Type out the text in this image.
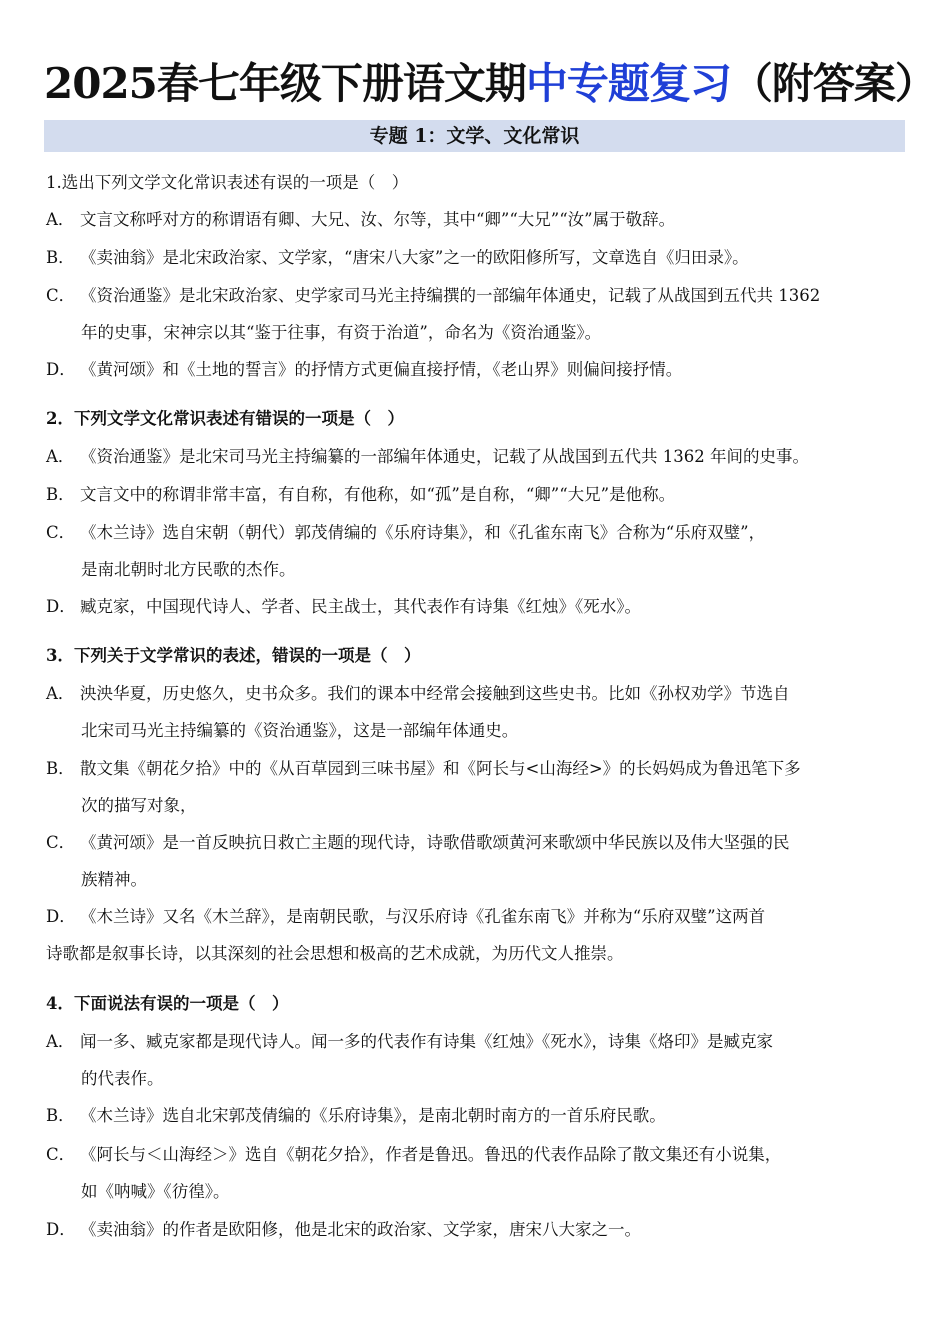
2025春七年级下册语文期中专题复习（附答案）
专题 1：文学、文化常识
1.选出下列文学文化常识表述有误的一项是（　）
A． 文言文称呼对方的称谓语有卿、大兄、汝、尔等，其中“卿”“大兄”“汝”属于敬辞。
B． 《卖油翁》是北宋政治家、文学家，“唐宋八大家”之一的欧阳修所写，文章选自《归田录》。
C． 《资治通鉴》是北宋政治家、史学家司马光主持编撰的一部编年体通史，记载了从战国到五代共 1362
年的史事，宋神宗以其“鉴于往事，有资于治道”，命名为《资治通鉴》。
D． 《黄河颂》和《土地的誓言》的抒情方式更偏直接抒情，《老山界》则偏间接抒情。
2．下列文学文化常识表述有错误的一项是（　）
A． 《资治通鉴》是北宋司马光主持编纂的一部编年体通史，记载了从战国到五代共 1362 年间的史事。
B． 文言文中的称谓非常丰富，有自称，有他称，如“孤”是自称，“卿”“大兄”是他称。
C． 《木兰诗》选自宋朝（朝代）郭茂倩编的《乐府诗集》，和《孔雀东南飞》合称为“乐府双璧”，
是南北朝时北方民歌的杰作。
D． 臧克家，中国现代诗人、学者、民主战士，其代表作有诗集《红烛》《死水》。
3．下列关于文学常识的表述，错误的一项是（　）
A． 泱泱华夏，历史悠久，史书众多。我们的课本中经常会接触到这些史书。比如《孙权劝学》节选自
北宋司马光主持编纂的《资治通鉴》，这是一部编年体通史。
B． 散文集《朝花夕拾》中的《从百草园到三味书屋》和《阿长与<山海经>》的长妈妈成为鲁迅笔下多
次的描写对象，
C． 《黄河颂》是一首反映抗日救亡主题的现代诗，诗歌借歌颂黄河来歌颂中华民族以及伟大坚强的民
族精神。
D． 《木兰诗》又名《木兰辞》，是南朝民歌，与汉乐府诗《孔雀东南飞》并称为“乐府双璧”这两首
诗歌都是叙事长诗，以其深刻的社会思想和极高的艺术成就，为历代文人推崇。
4．下面说法有误的一项是（　）
A． 闻一多、臧克家都是现代诗人。闻一多的代表作有诗集《红烛》《死水》，诗集《烙印》是臧克家
的代表作。
B． 《木兰诗》选自北宋郭茂倩编的《乐府诗集》，是南北朝时南方的一首乐府民歌。
C． 《阿长与＜山海经＞》选自《朝花夕拾》，作者是鲁迅。鲁迅的代表作品除了散文集还有小说集，
如《呐喊》《彷徨》。
D． 《卖油翁》的作者是欧阳修，他是北宋的政治家、文学家，唐宋八大家之一。
